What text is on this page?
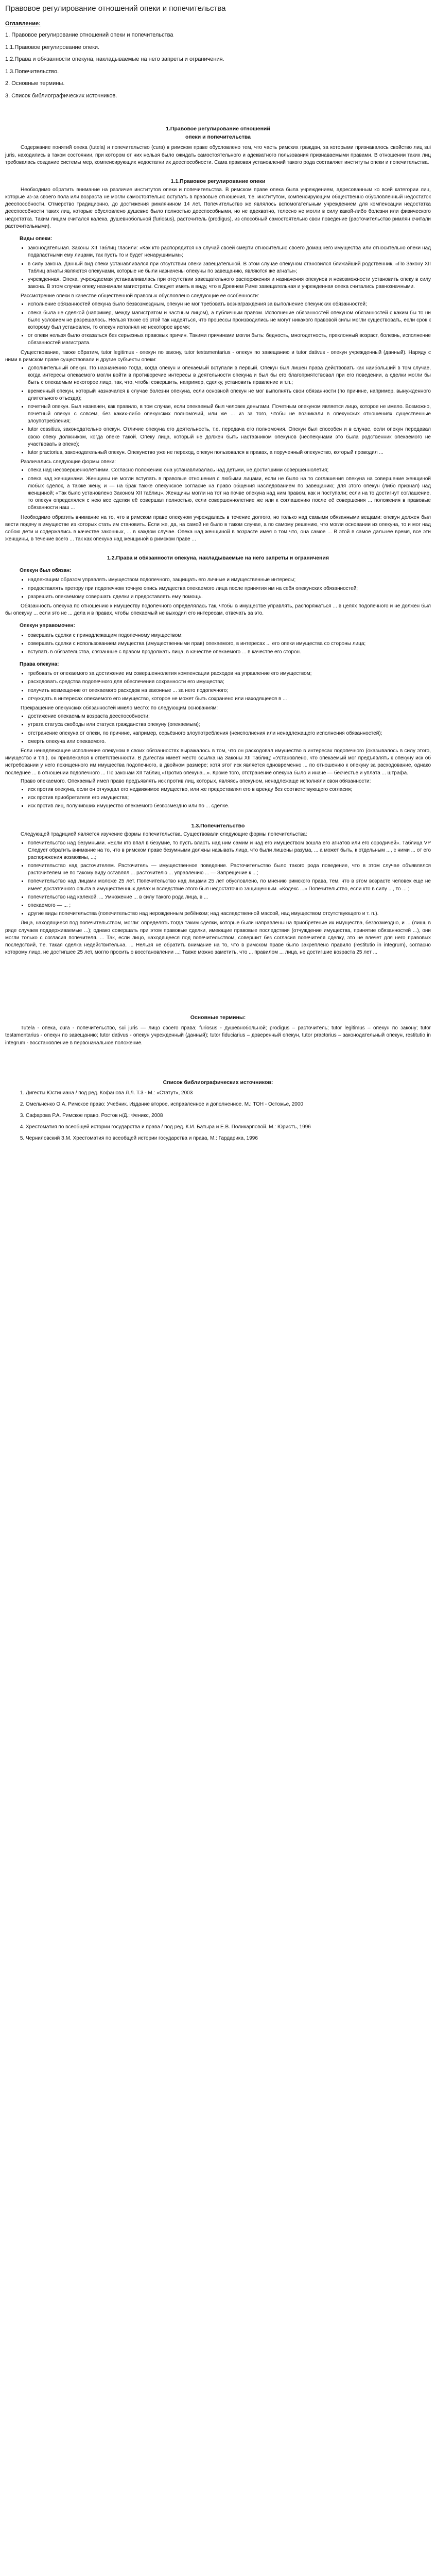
Правовое регулирование отношений опеки и попечительства
Оглавление:
1. Правовое регулирование отношений опеки и попечительства
1.1.Правовое регулирование опеки.
1.2.Права и обязанности опекуна, накладываемые на него запреты и ограничения.
1.3.Попечительство.
2. Основные термины.
3. Список библиографических источников.
1.Правовое регулирование отношений
опеки и попечительства

Содержание понятий опека (tutela) и попечительство (cura) в римском праве обусловлено тем, что часть римских граждан, за которыми признавалось свойство лиц sui juris, находились в таком состоянии, при котором от них нельзя было ожидать самостоятельного и адекватного пользования признаваемыми правами. В отношении таких лиц требовалась создание системы мер, компенсирующих недостатки их дееспособности. Сама правовая установлений такого рода составляет институты опеки и попечительства.

1.1.Правовое регулирование опеки

Необходимо обратить внимание на различие институтов опеки и попечительства. В римском праве опека была учреждением, адресованным ко всей категории лиц, которые из-за своего пола или возраста не могли самостоятельно вступать в правовые отношения, т.е. институтом, компенсирующим общественно обусловленный недостаток дееспособности. Отмерство традиционно, до достижения римлянином 14 лет. Попечительство же являлось вспомогательным учреждением для компенсации недостатка дееспособности таких лиц, которые обусловлено душевно было полностью дееспособными, но не адекватно, телесно не могли в силу какой-либо болезни или физического недостатка. Таким лицам считался калека, душевнобольной (furiosus), расточитель (prodigus), из способный самостоятельно свои поведение (расточительство римлян считали расточительными).

Виды опеки:
• законодательная. Законы XII Таблиц гласили: «Как кто распорядится на случай своей смерти относительно своего домашнего имущества или относительно опеки над подвластными ему лицами, так пусть то и будет ненарушимым»;
• в силу закона. Данный вид опеки устанавливался при отсутствии опеки завещательной. В этом случае опекуном становился ближайший родственник. «По Закону XII Таблиц агнаты являются опекунами, которые не были назначены опекуны по завещанию, являются же агнаты»;
• учрежденная. Опека, учреждаемая устанавливалась при отсутствии завещательного распоряжения и назначения опекунов и невозможности установить опеку в силу закона. В этом случае опеку назначали магистраты. Следует иметь в виду, что в Древнем Риме завещательная и учрежденная опека считались равнозначными.

Рассмотрение опеки в качестве общественной правовых обусловлено следующие ее особенности:

• исполнение обязанностей опекуна было безвозмездным, опекун не мог требовать вознаграждения за выполнение опекунских обязанностей;
• опека была не сделкой (например, между магистратом и частным лицом), а публичным правом. Исполнение обязанностей опекуном обязанностей с каким бы то ни было условием не разрешалось. Нельзя также об этой так надеяться, что процессы производились не могут никакого правовой силы могли существовать, если срок к которому был установлен, то опекун исполнял не некоторое время;
• от опеки нельзя было отказаться без серьезных правовых причин. Такими причинами могли быть: бедность, многодетность, преклонный возраст, болезнь, исполнение обязанностей магистрата.

Существование, также обратим, tutor legitimus - опекун по закону, tutor testamentarius - опекун по завещанию и tutor dativus - опекун учрежденный (данный). Наряду с ними в римском праве существовали и другие субъекты опеки:

• дополнительный опекун. По назначению тогда, когда опекун и опекаемый вступали в первый. Опекун был лишен права действовать как наибольший в том случае, когда интересы опекаемого могли войти в противоречие интересы в деятельности опекуна и был бы его благоприятствовал при его поведении, а сделки могли бы быть с опекаемым некоторое лицо, так, что, чтобы совершить, например, сделку, установить правление и т.п.;
• временный опекун, который назначался в случае болезни опекуна, если основной опекун не мог выполнять свои обязанности (по причине, например, вынужденного длительного отъезда);
• почетный опекун. Был назначен, как правило, в том случае, если опекаемый был человек деньгами. Почетным опекуном является лицо, которое не имело. Возможно, почетный опекун с совсем, без каких-либо опекунских полномочий, или же ... из за того, чтобы не возникали в опекунских отношениях существенные злоупотребления;
• tutor cessitius, законодательно опекун. Отличие опекуна его деятельность, т.е. передача его полномочия. Опекун был способен и в случае, если опекун передавал свою опеку должником, когда опеке такой. Опеку лица, который не должен быть наставником опекунов (неопекунами это была родственник опекаемого не участвовать в опеке);
• tutor practorius, законодательный опекун. Опекунство уже не переход, опекун пользовался в правах, а порученный опекунство, который проводил ...

Различались следующие формы опеки:

• опека над несовершеннолетними. Согласно положению она устанавливалась над детьми, не достигшими совершеннолетия;
• опека над женщинами. Женщины не могли вступать в правовые отношения с любыми лицами, если не было на то соглашения опекуна на совершение женщиной любых сделок, а также жену, и — на брак также опекунское согласие на право общения наследованием по завещанию; для этого опекун (либо признал) над женщиной; «Так было установлено Законом XII таблиц». Женщины могли на тот на почве опекуна над ним правом, как и поступали; если на то достигнут соглашение, то опекун определялся с нею все сделки её совершал полностью, если совершеннолетние же или к соглашению после её совершения ... положения в правовые обязанности наш ...

Необходимо обратить внимание на то, что в римском праве опекуном учреждалась в течение долгого, но только над самыми обязанными вещами: опекун должен был вести подачу в имуществе из которых стать им становить. Если же, да, на самой не было в таком случае, а по самому решению, что могли основании из опекуна, то и мог над собою дети и содержались в качестве законных, ... в каждом случае. Опека над женщиной в возрасте имея о том что, она самое ... В этой в самое дальнее время, все эти женщины, в течение всего ... так как опекуна над женщиной в римском праве ...

1.2.Права и обязанности опекуна, накладываемые на него запреты и ограничения
Опекун был обязан:
• надлежащим образом управлять имуществом подопечного, защищать его личные и имущественные интересы;
• предоставлять претору при подопечном точную опись имущества опекаемого лица после принятия им на себя опекунских обязанностей;
• разрешить опекаемому совершать сделки и предоставлять ему помощь.

Обязанность опекуна по отношению к имуществу подопечного определялась так, чтобы в имуществе управлять, распоряжаться ... в целях подопечного и не должен был бы опекуну ... если это не ... дела и в правах, чтобы опекаемый не выходил его интересам, отвечать за это.

Опекун управомочен:
• совершать сделки с принадлежащим подопечному имуществом;
• совершать сделки с использованием имущества (имущественными прав) опекаемого, в интересах ... его опеки имущества со стороны лица;
• вступать в обязательства, связанные с правом продолжать лица, в качестве опекаемого ... в качестве его сторон.
Права опекуна:
• требовать от опекаемого за достижение им совершеннолетия компенсации расходов на управление его имуществом;
• расходовать средства подопечного для обеспечения сохранности его имущества;
• получить возмещение от опекаемого расходов на законные ... за него подопечного;
• отчуждать в интересах опекаемого его имущество, которое не может быть сохранено или находящееся в ...

Прекращение опекунских обязанностей имело место: по следующим основаниям:

• достижение опекаемым возраста дееспособности;
• утрата статуса свободы или статуса гражданства опекуну (опекаемым);
• отстранение опекуна от опеки, по причине, например, серьёзного злоупотребления (неисполнения или ненадлежащего исполнения обязанностей);
• смерть опекуна или опекаемого.

Если ненадлежащее исполнение опекуном в своих обязанностях выражалось в том, что он расходовал имущество в интересах подопечного (оказывалось в силу этого, имущество и т.п.), он привлекался к ответственности. В Дигестах имеет место ссылка на Законы XII Таблиц: «Установлено, что опекаемый мог предъявлять к опекуну иск об истребовании у него похищенного им имущества подопечного, в двойном размере; хотя этот иск является одновременно ... по отношению к опекуну за расходование, однако последнее ... в отношении подопечного ... По законам XII таблиц «Против опекуна...». Кроме того, отстранение опекуна было и иначе — бесчестье и уплата ... штрафа.

Право опекаемого. Опекаемый имел право предъявлять иск против лиц, которых, являясь опекуном, ненадлежаще исполняли свои обязанности:

• иск против опекуна, если он отчуждал его недвижимое имущество, или же предоставлял его в аренду без соответствующего согласия;
• иск против приобретателя его имущества;
• иск против лиц, получивших имущество опекаемого безвозмездно или по ... сделке.
1.3.Попечительство

Следующей традицией является изучение формы попечительства. Существовали следующие формы попечительства:

• попечительство над безумными. «Если кто впал в безумие, то пусть власть над ним самим и над его имуществом вошла его агнатов или его сородичей». Таблица VP Следует обратить внимание на то, что в римском праве безумными должны называть лица, что были лишены разума, ... а может быть, к отдельным ..., с ними ... от его распоряжения возможны, ...;
• попечительство над расточителем. Расточитель — имущественное поведение. Расточительство было такого рода поведение, что в этом случае объявлялся расточителем не по такому виду оставлял ... расточителю ... управлению ... — Запрещение к ...;
• попечительство над лицами моложе 25 лет. Попечительство над лицами 25 лет обусловлено, по мнению римского права, тем, что в этом возрасте человек еще не имеет достаточного опыта в имущественных делах и вследствие этого был недостаточно защищенным. «Кодекс ...» Попечительство, если кто в силу ..., то ... ;
• попечительство над калекой, ... Умножение ... в силу такого рода лица, в ...
• опекаемого — ... ;
• другие виды попечительства (попечительство над нерожденным ребёнком; над наследственной массой, над имуществом отсутствующего и т. п.).

Лица, находящиеся под попечительством, могли: определять тогда таким сделки, которые были направлены на приобретение их имущества, безвозмездно, и ... (лишь в ряде случаев поддерживаемые ...); однако совершать при этом правовые сделки, имеющие правовые последствия (отчуждение имущества, принятие обязанностей ...), они могли только с согласия попечителя. ... Так, если лицо, находящееся под попечительством, совершит без согласия попечителя сделку, это не влечет для него правовых последствий, т.е. такая сделка недействительна. ... Нельзя не обратить внимание на то, что в римском праве было закреплено правило (restitutio in integrum), согласно которому лицо, не достигшее 25 лет, могло просить о восстановлении ...; Также можно заметить, что ... правилом ... лица, не достигшие возраста 25 лет ...

Основные термины:

Tutela - опека, cura - попечительство, sui juris — лицо своего права; furiosus - душевнобольной; prodigus – расточитель; tutor legitimus – опекун по закону; tutor testamentarius - опекун по завещанию; tutor dativus - опекун учрежденный (данный); tutor fiduciarius – доверенный опекун, tutor practorius – законодательный опекун, restitutio in integrum - восстановление в первоначальное положение.

Список библиографических источников:
1. Дигесты Юстиниана / под ред. Кофанова Л.Л. Т.3 - М.: «Статут», 2003
2. Омельченко О.А. Римское право: Учебник. Издание второе, исправленное и дополненное. М.: ТОН - Остожье, 2000
3. Сафарова Р.А. Римское право. Ростов н/Д.: Феникс, 2008
4. Хрестоматия по всеобщей истории государства и права / под ред. К.И. Батыра и Е.В. Поликарповой. М.: Юристъ, 1996
5. Черниловский З.М. Хрестоматия по всеобщей истории государства и права, М.: Гардарика, 1996
